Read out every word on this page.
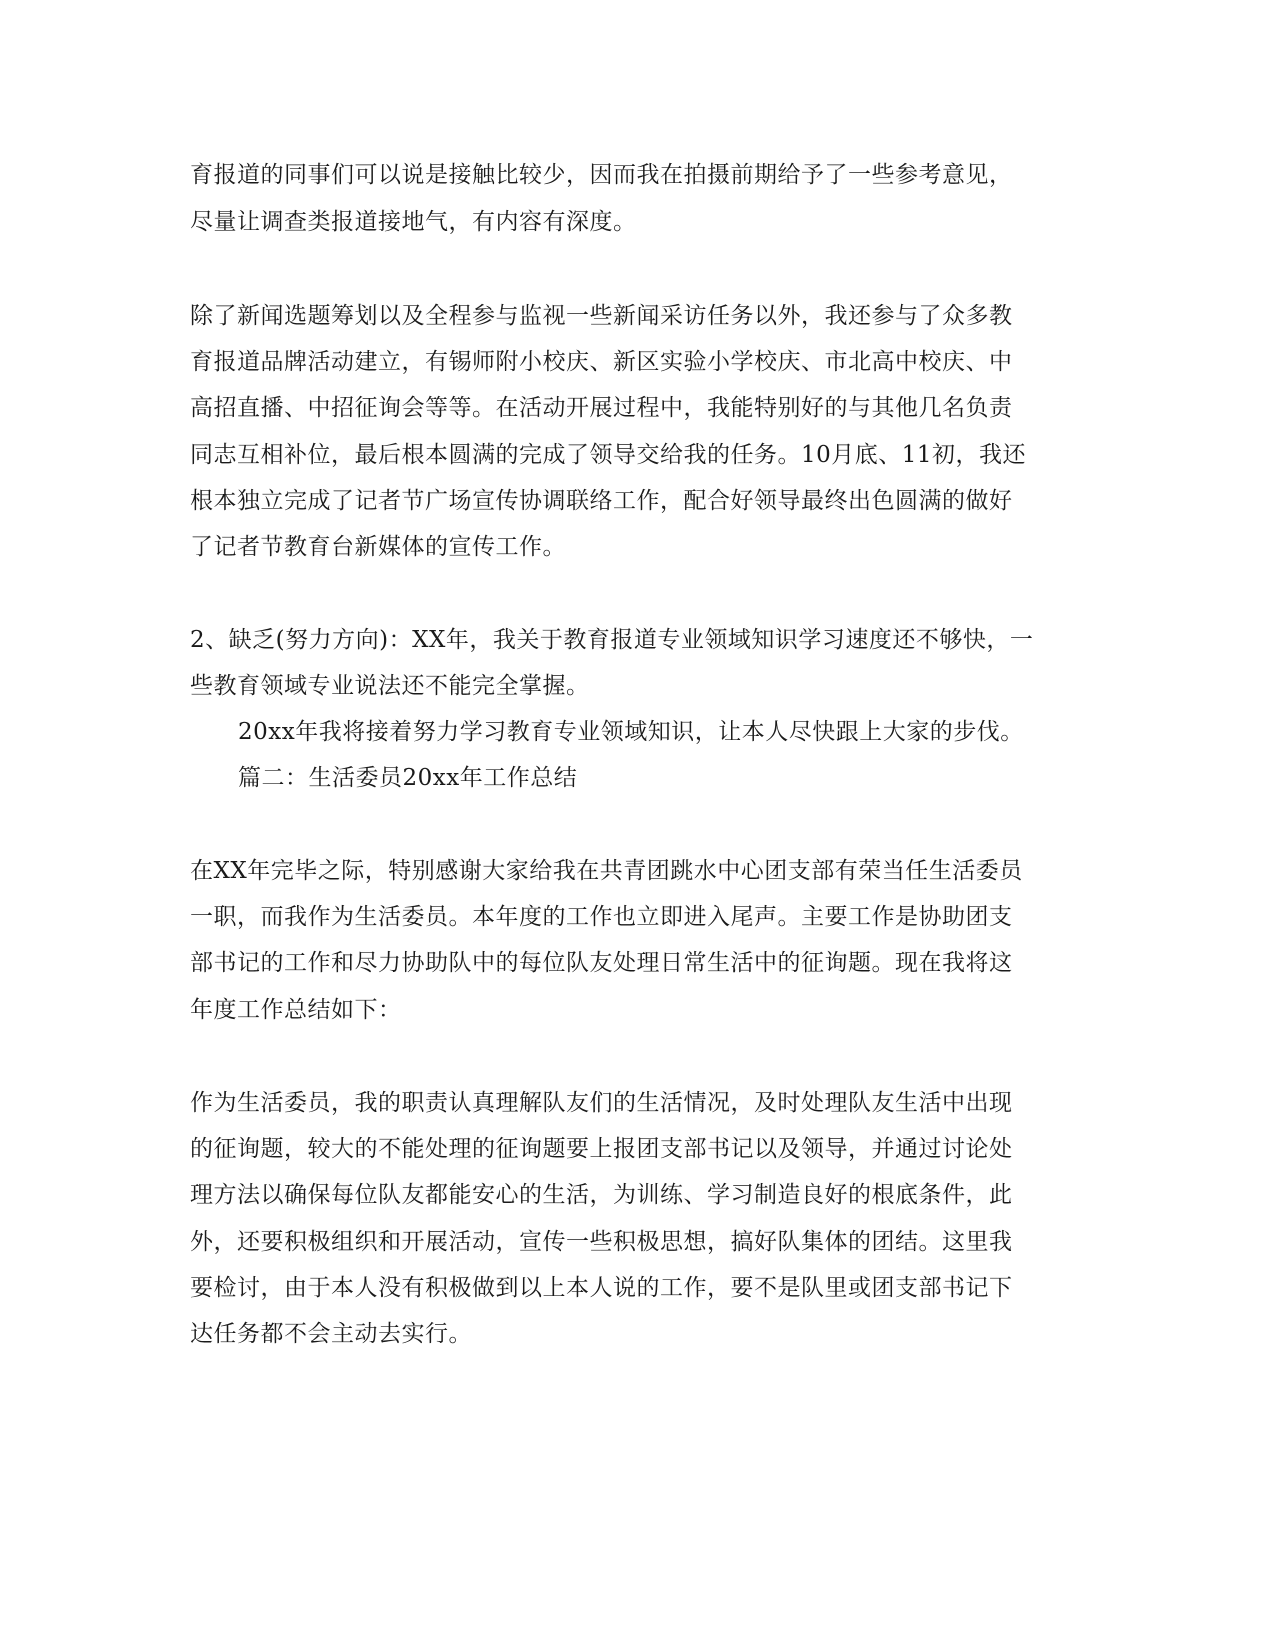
育报道的同事们可以说是接触比较少，因而我在拍摄前期给予了一些参考意见，
尽量让调查类报道接地气，有内容有深度。
除了新闻选题筹划以及全程参与监视一些新闻采访任务以外，我还参与了众多教
育报道品牌活动建立，有锡师附小校庆、新区实验小学校庆、市北高中校庆、中
高招直播、中招征询会等等。在活动开展过程中，我能特别好的与其他几名负责
同志互相补位，最后根本圆满的完成了领导交给我的任务。10月底、11初，我还
根本独立完成了记者节广场宣传协调联络工作，配合好领导最终出色圆满的做好
了记者节教育台新媒体的宣传工作。
2、缺乏(努力方向)：XX年，我关于教育报道专业领域知识学习速度还不够快，一
些教育领域专业说法还不能完全掌握。
20xx年我将接着努力学习教育专业领域知识，让本人尽快跟上大家的步伐。
篇二：生活委员20xx年工作总结
在XX年完毕之际，特别感谢大家给我在共青团跳水中心团支部有荣当任生活委员
一职，而我作为生活委员。本年度的工作也立即进入尾声。主要工作是协助团支
部书记的工作和尽力协助队中的每位队友处理日常生活中的征询题。现在我将这
年度工作总结如下：
作为生活委员，我的职责认真理解队友们的生活情况，及时处理队友生活中出现
的征询题，较大的不能处理的征询题要上报团支部书记以及领导，并通过讨论处
理方法以确保每位队友都能安心的生活，为训练、学习制造良好的根底条件，此
外，还要积极组织和开展活动，宣传一些积极思想，搞好队集体的团结。这里我
要检讨，由于本人没有积极做到以上本人说的工作，要不是队里或团支部书记下
达任务都不会主动去实行。
